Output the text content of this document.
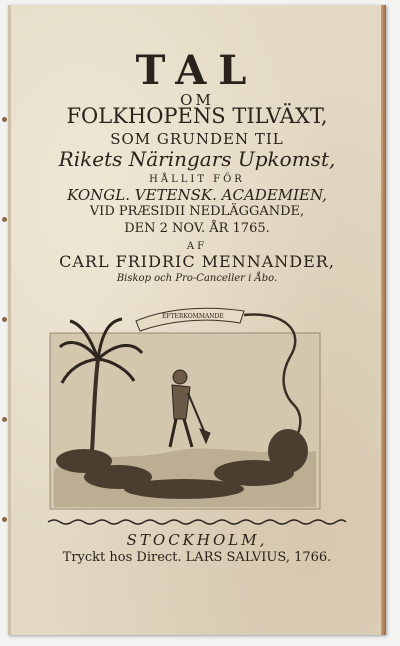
TAL
OM
FOLKHOPENS TILVÄXT,
SOM GRUNDEN TIL
Rikets Näringars Upkomst,
HÅLLIT FÖR
KONGL. VETENSK. ACADEMIEN,
VID PRÆSIDII NEDLÄGGANDE,
DEN 2 NOV. ÅR 1765.
AF
CARL FRIDRIC MENNANDER,
Biskop och Pro-Canceller i Åbo.
EFTERKOMMANDE
STOCKHOLM,
Tryckt hos Direct. LARS SALVIUS, 1766.
